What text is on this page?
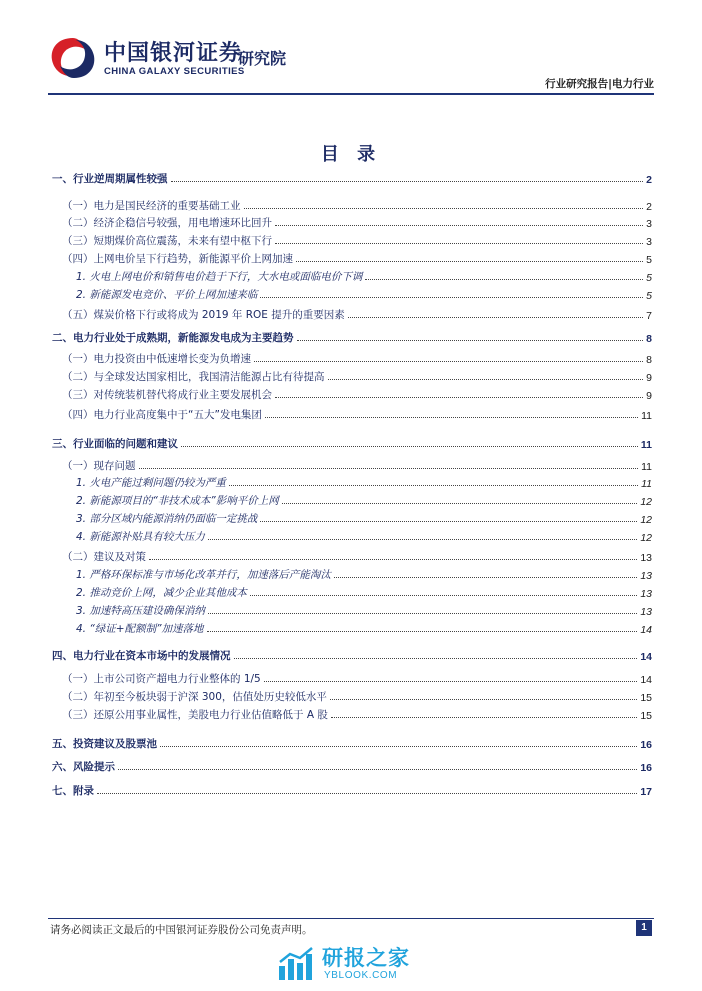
中国银河证券
CHINA GALAXY SECURITIES
研究院
行业研究报告|电力行业
目 录
一、行业逆周期属性较强	2
（一）电力是国民经济的重要基础工业	2
（二）经济企稳信号较强，用电增速环比回升	3
（三）短期煤价高位震荡，未来有望中枢下行	3
（四）上网电价呈下行趋势，新能源平价上网加速	5
1. 火电上网电价和销售电价趋于下行，大水电或面临电价下调	5
2. 新能源发电竞价、平价上网加速来临	5
（五）煤炭价格下行或将成为 2019 年 ROE 提升的重要因素	7
二、电力行业处于成熟期，新能源发电成为主要趋势	8
（一）电力投资由中低速增长变为负增速	8
（二）与全球发达国家相比，我国清洁能源占比有待提高	9
（三）对传统装机替代将成行业主要发展机会	9
（四）电力行业高度集中于“五大”发电集团	11
三、行业面临的问题和建议	11
（一）现存问题	11
1. 火电产能过剩问题仍较为严重	11
2. 新能源项目的“非技术成本”影响平价上网	12
3. 部分区域内能源消纳仍面临一定挑战	12
4. 新能源补贴具有较大压力	12
（二）建议及对策	13
1. 严格环保标准与市场化改革并行，加速落后产能淘汰	13
2. 推动竞价上网，减少企业其他成本	13
3. 加速特高压建设确保消纳	13
4. “绿证+配额制”加速落地	14
四、电力行业在资本市场中的发展情况	14
（一）上市公司资产超电力行业整体的 1/5	14
（二）年初至今板块弱于沪深 300，估值处历史较低水平	15
（三）还原公用事业属性，美股电力行业估值略低于 A 股	15
五、投资建议及股票池	16
六、风险提示	16
七、附录	17
请务必阅读正文最后的中国银河证券股份公司免责声明。	1
研报之家
YBLOOK.COM
